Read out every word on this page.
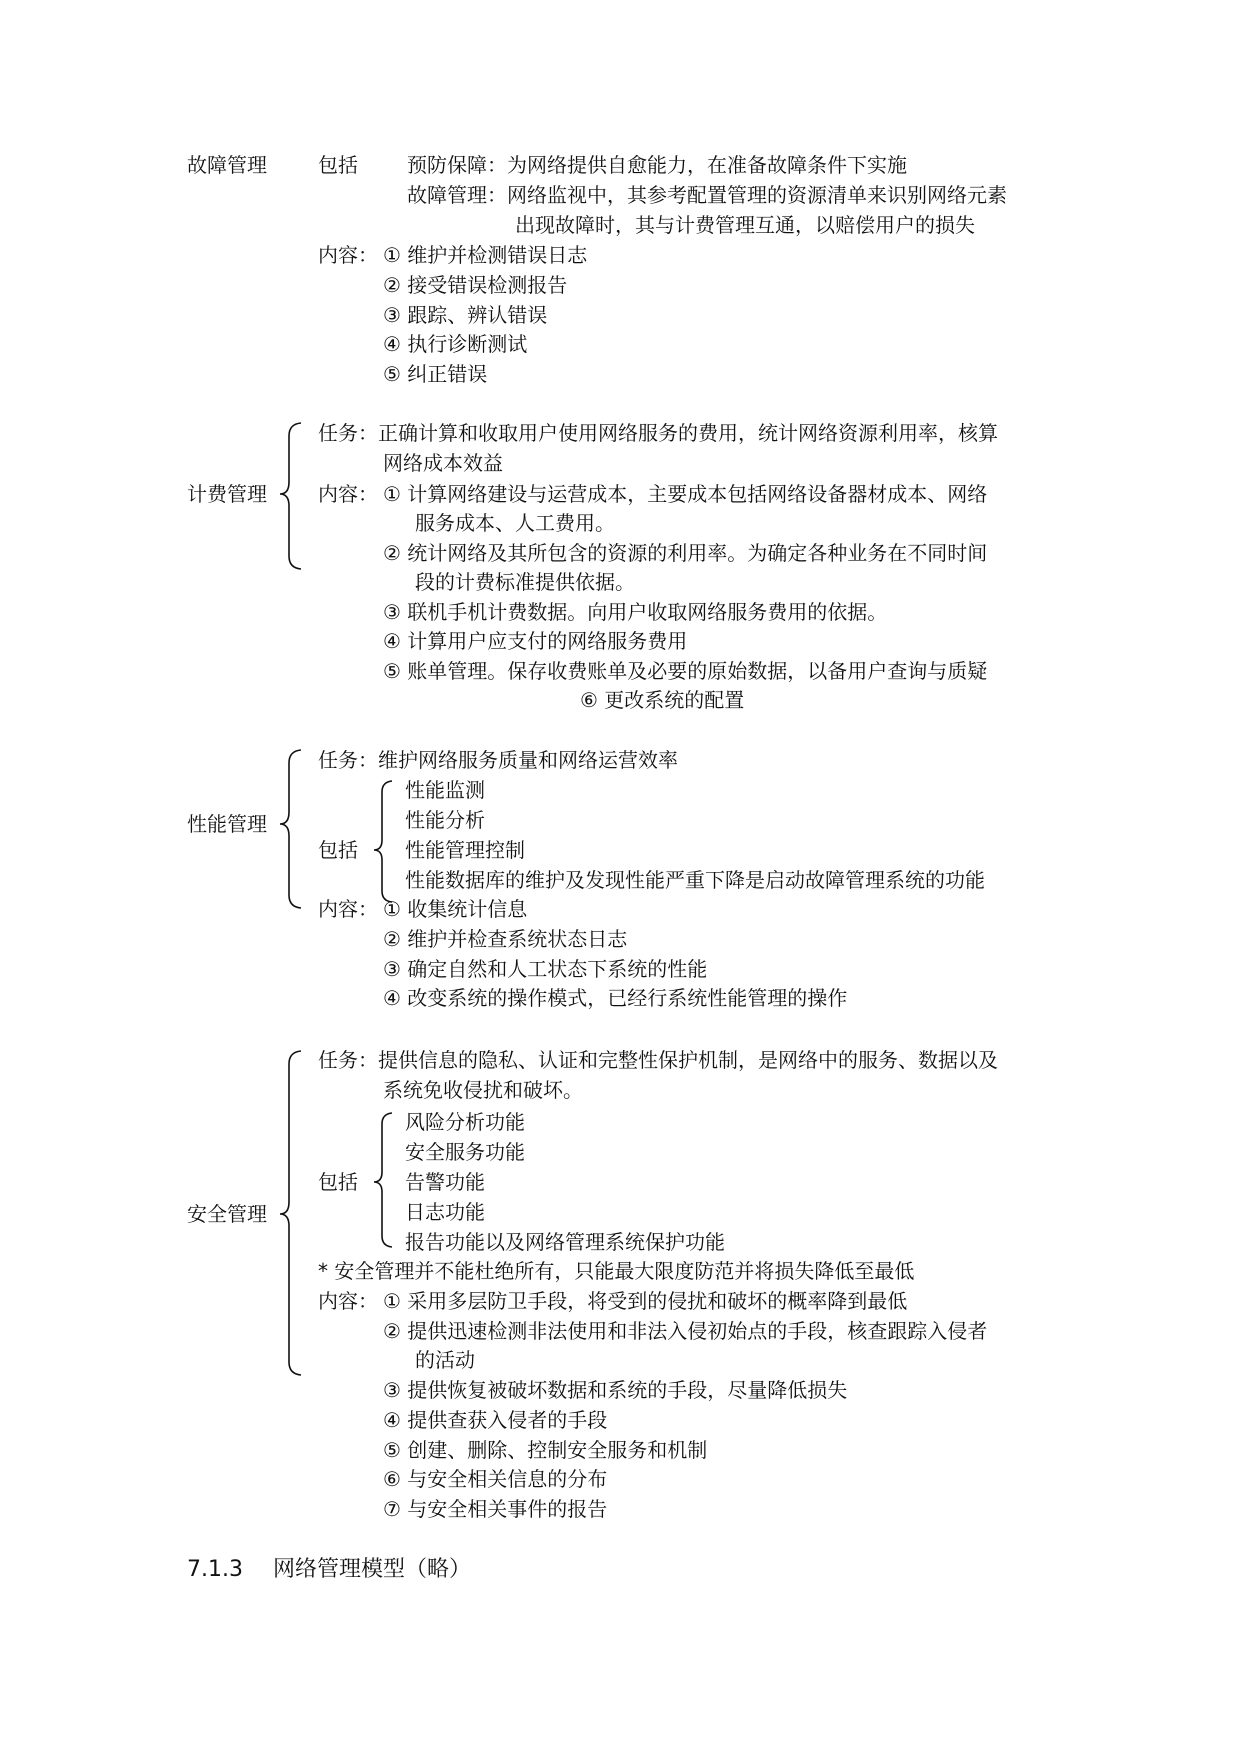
故障管理	包括 预防保障：为网络提供自愈能力，在准备故障条件下实施
故障管理：网络监视中，其参考配置管理的资源清单来识别网络元素
出现故障时，其与计费管理互通，以赔偿用户的损失
内容： ① 维护并检测错误日志
② 接受错误检测报告
③ 跟踪、辨认错误
④ 执行诊断测试
⑤ 纠正错误
计费管理
任务：正确计算和收取用户使用网络服务的费用，统计网络资源利用率，核算
网络成本效益
内容： ① 计算网络建设与运营成本，主要成本包括网络设备器材成本、网络
服务成本、人工费用。
② 统计网络及其所包含的资源的利用率。为确定各种业务在不同时间
段的计费标准提供依据。
③ 联机手机计费数据。向用户收取网络服务费用的依据。
④ 计算用户应支付的网络服务费用
⑤ 账单管理。保存收费账单及必要的原始数据，以备用户查询与质疑
⑥ 更改系统的配置
性能管理
任务：维护网络服务质量和网络运营效率
包括
性能监测
性能分析
性能管理控制
性能数据库的维护及发现性能严重下降是启动故障管理系统的功能
内容： ① 收集统计信息
② 维护并检查系统状态日志
③ 确定自然和人工状态下系统的性能
④ 改变系统的操作模式，已经行系统性能管理的操作
安全管理
任务：提供信息的隐私、认证和完整性保护机制，是网络中的服务、数据以及
系统免收侵扰和破坏。
包括
风险分析功能
安全服务功能
告警功能
日志功能
报告功能以及网络管理系统保护功能
* 安全管理并不能杜绝所有，只能最大限度防范并将损失降低至最低
内容： ① 采用多层防卫手段，将受到的侵扰和破坏的概率降到最低
② 提供迅速检测非法使用和非法入侵初始点的手段，核查跟踪入侵者
的活动
③ 提供恢复被破坏数据和系统的手段，尽量降低损失
④ 提供查获入侵者的手段
⑤ 创建、删除、控制安全服务和机制
⑥ 与安全相关信息的分布
⑦ 与安全相关事件的报告
7.1.3 网络管理模型（略）
